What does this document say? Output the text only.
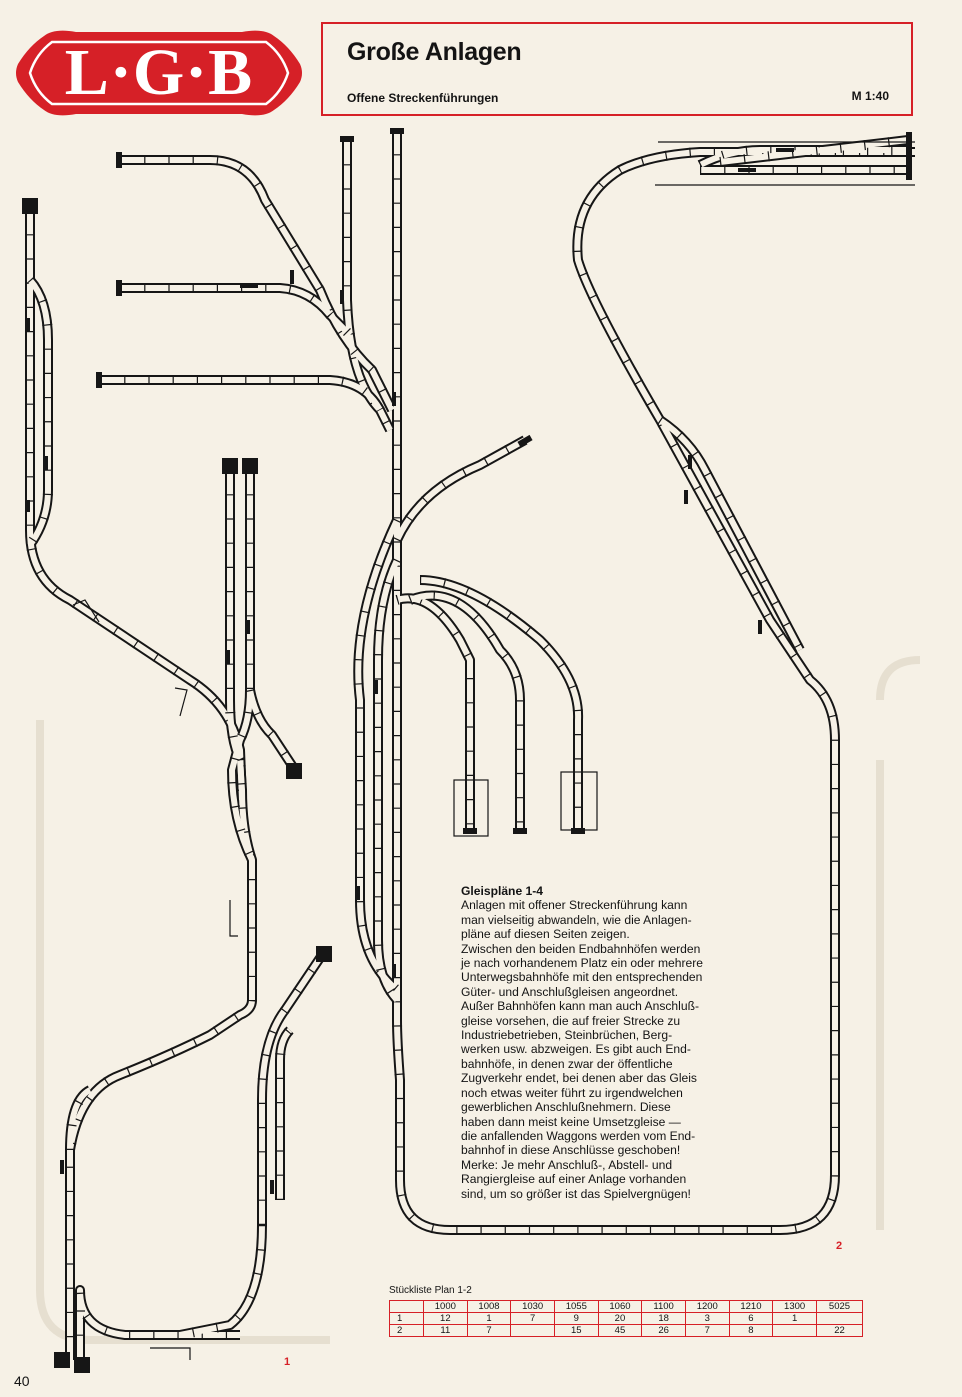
L·G·B	Große Anlagen
Offene Streckenführungen	M 1:40
Gleispläne 1-4
Anlagen mit offener Streckenführung kann
man vielseitig abwandeln, wie die Anlagen-
pläne auf diesen Seiten zeigen.
Zwischen den beiden Endbahnhöfen werden
je nach vorhandenem Platz ein oder mehrere
Unterwegsbahnhöfe mit den entsprechenden
Güter- und Anschlußgleisen angeordnet.
Außer Bahnhöfen kann man auch Anschluß-
gleise vorsehen, die auf freier Strecke zu
Industriebetrieben, Steinbrüchen, Berg-
werken usw. abzweigen. Es gibt auch End-
bahnhöfe, in denen zwar der öffentliche
Zugverkehr endet, bei denen aber das Gleis
noch etwas weiter führt zu irgendwelchen
gewerblichen Anschlußnehmern. Diese
haben dann meist keine Umsetzgleise —
die anfallenden Waggons werden vom End-
bahnhof in diese Anschlüsse geschoben!
Merke: Je mehr Anschluß-, Abstell- und
Rangiergleise auf einer Anlage vorhanden
sind, um so größer ist das Spielvergnügen!
2
1
Stückliste Plan 1-2
	1000	1008	1030	1055	1060	1100	1200	1210	1300	5025
1	12	1	7	9	20	18	3	6	1	
2	11	7		15	45	26	7	8		22
40
